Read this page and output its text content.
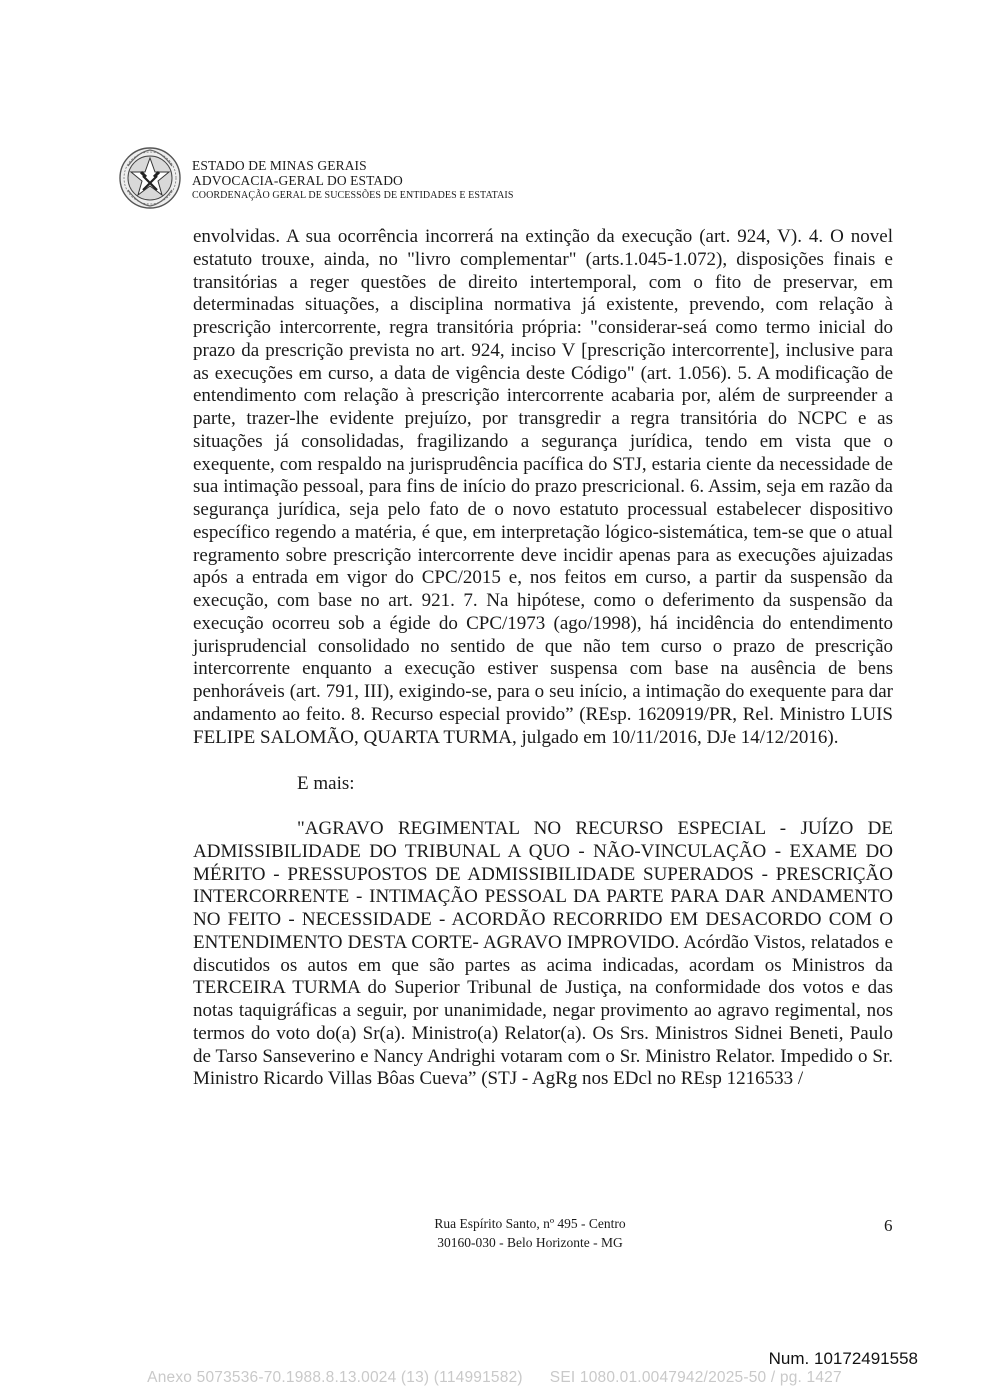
ESTADO DE MINAS GERAIS
ADVOCACIA-GERAL DO ESTADO
COORDENAÇÃO GERAL DE SUCESSÕES DE ENTIDADES E ESTATAIS

envolvidas. A sua ocorrência incorrerá na extinção da execução (art. 924, V). 4. O novel estatuto trouxe, ainda, no "livro complementar" (arts.1.045-1.072), disposições finais e transitórias a reger questões de direito intertemporal, com o fito de preservar, em determinadas situações, a disciplina normativa já existente, prevendo, com relação à prescrição intercorrente, regra transitória própria: "considerar-seá como termo inicial do prazo da prescrição prevista no art. 924, inciso V [prescrição intercorrente], inclusive para as execuções em curso, a data de vigência deste Código" (art. 1.056). 5. A modificação de entendimento com relação à prescrição intercorrente acabaria por, além de surpreender a parte, trazer-lhe evidente prejuízo, por transgredir a regra transitória do NCPC e as situações já consolidadas, fragilizando a segurança jurídica, tendo em vista que o exequente, com respaldo na jurisprudência pacífica do STJ, estaria ciente da necessidade de sua intimação pessoal, para fins de início do prazo prescricional. 6. Assim, seja em razão da segurança jurídica, seja pelo fato de o novo estatuto processual estabelecer dispositivo específico regendo a matéria, é que, em interpretação lógico-sistemática, tem-se que o atual regramento sobre prescrição intercorrente deve incidir apenas para as execuções ajuizadas após a entrada em vigor do CPC/2015 e, nos feitos em curso, a partir da suspensão da execução, com base no art. 921. 7. Na hipótese, como o deferimento da suspensão da execução ocorreu sob a égide do CPC/1973 (ago/1998), há incidência do entendimento jurisprudencial consolidado no sentido de que não tem curso o prazo de prescrição intercorrente enquanto a execução estiver suspensa com base na ausência de bens penhoráveis (art. 791, III), exigindo-se, para o seu início, a intimação do exequente para dar andamento ao feito. 8. Recurso especial provido” (REsp. 1620919/PR, Rel. Ministro LUIS FELIPE SALOMÃO, QUARTA TURMA, julgado em 10/11/2016, DJe 14/12/2016).

E mais:

"AGRAVO REGIMENTAL NO RECURSO ESPECIAL - JUÍZO DE ADMISSIBILIDADE DO TRIBUNAL A QUO - NÃO-VINCULAÇÃO - EXAME DO MÉRITO - PRESSUPOSTOS DE ADMISSIBILIDADE SUPERADOS - PRESCRIÇÃO INTERCORRENTE - INTIMAÇÃO PESSOAL DA PARTE PARA DAR ANDAMENTO NO FEITO - NECESSIDADE - ACORDÃO RECORRIDO EM DESACORDO COM O ENTENDIMENTO DESTA CORTE- AGRAVO IMPROVIDO. Acórdão Vistos, relatados e discutidos os autos em que são partes as acima indicadas, acordam os Ministros da TERCEIRA TURMA do Superior Tribunal de Justiça, na conformidade dos votos e das notas taquigráficas a seguir, por unanimidade, negar provimento ao agravo regimental, nos termos do voto do(a) Sr(a). Ministro(a) Relator(a). Os Srs. Ministros Sidnei Beneti, Paulo de Tarso Sanseverino e Nancy Andrighi votaram com o Sr. Ministro Relator. Impedido o Sr. Ministro Ricardo Villas Bôas Cueva” (STJ - AgRg nos EDcl no REsp 1216533 /

Rua Espírito Santo, nº 495 - Centro
30160-030 - Belo Horizonte - MG
6
Num. 10172491558
Anexo 5073536-70.1988.8.13.0024 (13) (114991582)      SEI 1080.01.0047942/2025-50 / pg. 1427
